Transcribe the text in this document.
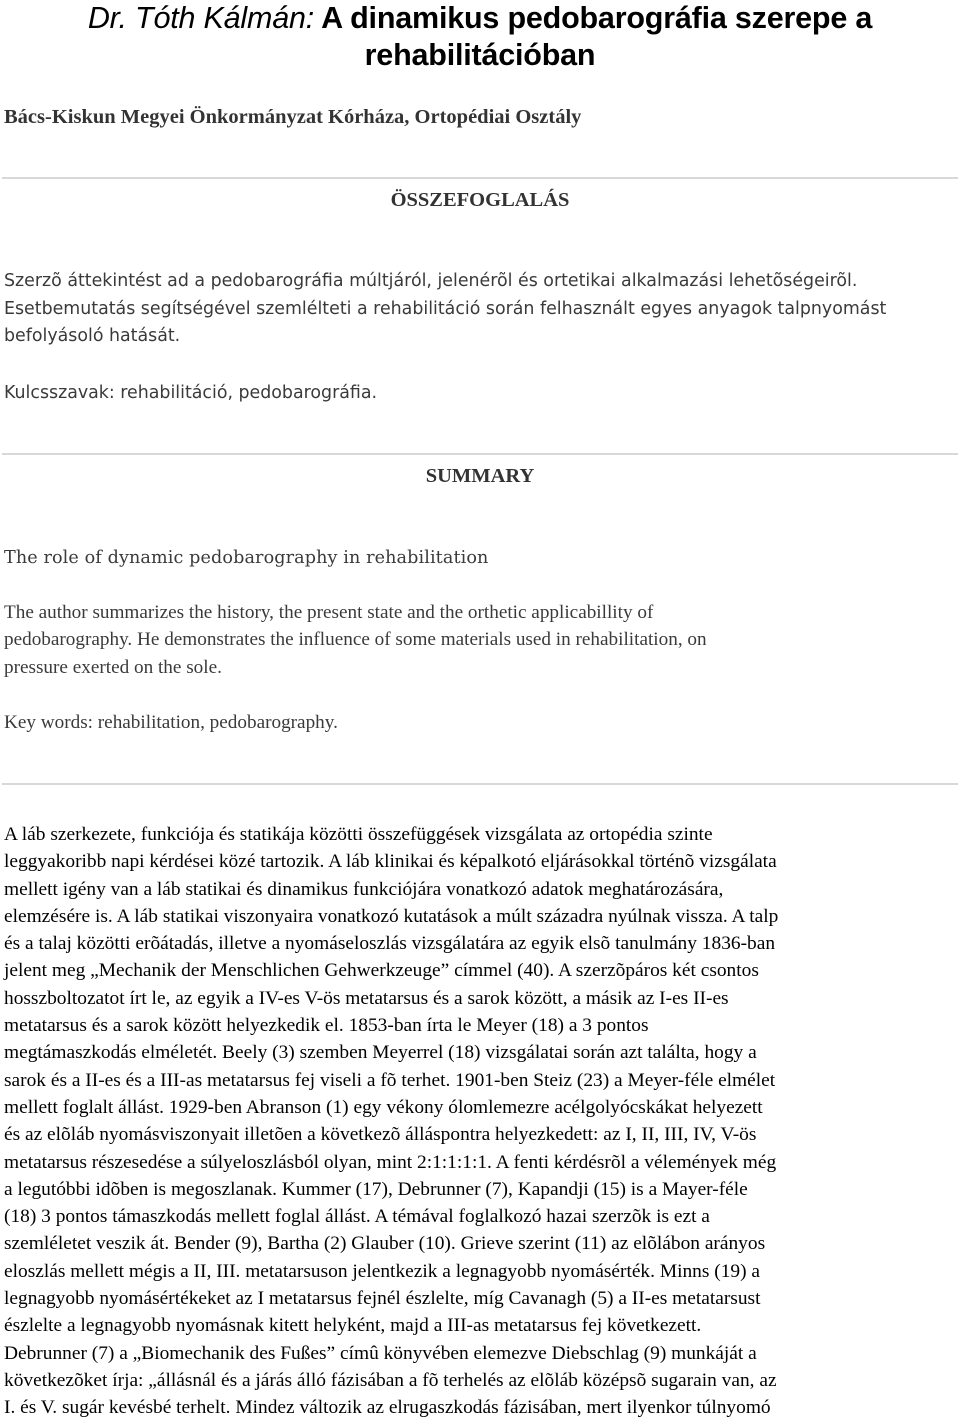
Dr. Tóth Kálmán: A dinamikus pedobarográfia szerepe a rehabilitációban
Bács-Kiskun Megyei Önkormányzat Kórháza, Ortopédiai Osztály
ÖSSZEFOGLALÁS

Szerzõ áttekintést ad a pedobarográfia múltjáról, jelenérõl és ortetikai alkalmazási lehetõségeirõl.
Esetbemutatás segítségével szemlélteti a rehabilitáció során felhasznált egyes anyagok talpnyomást
befolyásoló hatását.

Kulcsszavak: rehabilitáció, pedobarográfia.

SUMMARY

The role of dynamic pedobarography in rehabilitation

The author summarizes the history, the present state and the orthetic applicabillity of
pedobarography. He demonstrates the influence of some materials used in rehabilitation, on
pressure exerted on the sole.

Key words: rehabilitation, pedobarography.

A láb szerkezete, funkciója és statikája közötti összefüggések vizsgálata az ortopédia szinte
leggyakoribb napi kérdései közé tartozik. A láb klinikai és képalkotó eljárásokkal történõ vizsgálata
mellett igény van a láb statikai és dinamikus funkciójára vonatkozó adatok meghatározására,
elemzésére is. A láb statikai viszonyaira vonatkozó kutatások a múlt századra nyúlnak vissza. A talp
és a talaj közötti erõátadás, illetve a nyomáseloszlás vizsgálatára az egyik elsõ tanulmány 1836-ban
jelent meg „Mechanik der Menschlichen Gehwerkzeuge” címmel (40). A szerzõpáros két csontos
hosszboltozatot írt le, az egyik a IV-es V-ös metatarsus és a sarok között, a másik az I-es II-es
metatarsus és a sarok között helyezkedik el. 1853-ban írta le Meyer (18) a 3 pontos
megtámaszkodás elméletét. Beely (3) szemben Meyerrel (18) vizsgálatai során azt találta, hogy a
sarok és a II-es és a III-as metatarsus fej viseli a fõ terhet. 1901-ben Steiz (23) a Meyer-féle elmélet
mellett foglalt állást. 1929-ben Abranson (1) egy vékony ólomlemezre acélgolyócskákat helyezett
és az elõláb nyomásviszonyait illetõen a következõ álláspontra helyezkedett: az I, II, III, IV, V-ös
metatarsus részesedése a súlyeloszlásból olyan, mint 2:1:1:1:1. A fenti kérdésrõl a vélemények még
a legutóbbi idõben is megoszlanak. Kummer (17), Debrunner (7), Kapandji (15) is a Mayer-féle
(18) 3 pontos támaszkodás mellett foglal állást. A témával foglalkozó hazai szerzõk is ezt a
szemléletet veszik át. Bender (9), Bartha (2) Glauber (10). Grieve szerint (11) az elõlábon arányos
eloszlás mellett mégis a II, III. metatarsuson jelentkezik a legnagyobb nyomásérték. Minns (19) a
legnagyobb nyomásértékeket az I metatarsus fejnél észlelte, míg Cavanagh (5) a II-es metatarsust
észlelte a legnagyobb nyomásnak kitett helyként, majd a III-as metatarsus fej következett.
Debrunner (7) a „Biomechanik des Fußes” címû könyvében elemezve Diebschlag (9) munkáját a
következõket írja: „állásnál és a járás álló fázisában a fõ terhelés az elõláb középsõ sugarain van, az
I. és V. sugár kevésbé terhelt. Mindez változik az elrugaszkodás fázisában, mert ilyenkor túlnyomó
